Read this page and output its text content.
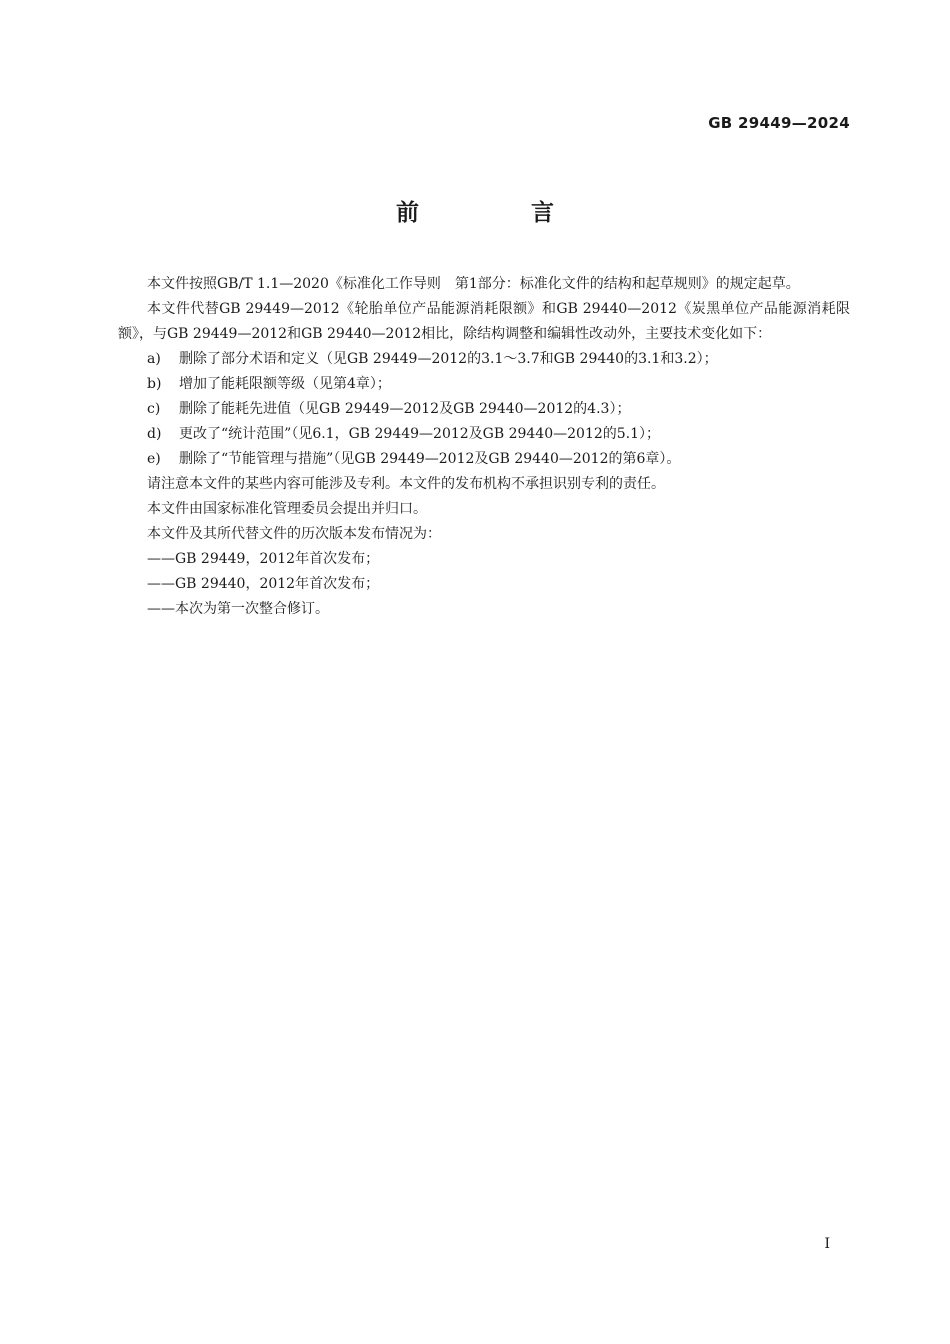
GB 29449—2024
前 言

本文件按照GB/T 1.1—2020《标准化工作导则　第1部分：标准化文件的结构和起草规则》的规定起草。

本文件代替GB 29449—2012《轮胎单位产品能源消耗限额》和GB 29440—2012《炭黑单位产品能源消耗限额》，与GB 29449—2012和GB 29440—2012相比，除结构调整和编辑性改动外，主要技术变化如下：

a) 删除了部分术语和定义（见GB 29449—2012的3.1～3.7和GB 29440的3.1和3.2）；

b) 增加了能耗限额等级（见第4章）；

c) 删除了能耗先进值（见GB 29449—2012及GB 29440—2012的4.3）；

d) 更改了“统计范围”（见6.1，GB 29449—2012及GB 29440—2012的5.1）；

e) 删除了“节能管理与措施”（见GB 29449—2012及GB 29440—2012的第6章）。

请注意本文件的某些内容可能涉及专利。本文件的发布机构不承担识别专利的责任。

本文件由国家标准化管理委员会提出并归口。

本文件及其所代替文件的历次版本发布情况为：

——GB 29449，2012年首次发布；

——GB 29440，2012年首次发布；

——本次为第一次整合修订。

I
